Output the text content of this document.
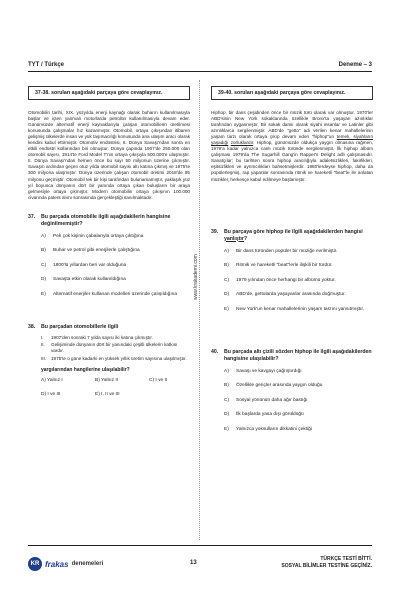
TYT / Türkçe	Deneme – 3
www.krakademi.com
37-38. soruları aşağıdaki parçaya göre cevaplayınız.

Otomobilin tarihi, XIX. yüzyılda enerji kaynağı olarak buharın kullanılmasıyla başlar ve içten yanmalı motorlarda petrolün kullanılmasıyla devam eder. Günümüzde alternatif enerji kaynaklarıyla çalışan otomobillerin üretilmesi konusunda çalışmalar hız kazanmıştır. Otomobil, ortaya çıkışından itibaren gelişmiş ülkelerde insan ve yük taşımacılığı konusunda ana ulaşım aracı olarak kendini kabul ettirmiştir. Otomotiv endüstrisi, II. Dünya Savaşı'ndan sonra en etkili endüstri kollarından biri olmuştur. Dünya çapında 1907'de 250.000 olan otomobil sayısı, 1914'te Ford Model T'nin ortaya çıkışıyla 500.000'e ulaşmıştır. II. Dünya Savaşı'ndan hemen önce bu sayı 50 milyonun üzerine çıkmıştır. Savaşın ardından geçen otuz yılda otomobil sayısı altı katına çıkmış ve 1975'te 300 milyona ulaşmıştır. Dünya üzerinde çalışan otomobil üretimi 2018'de 95 milyonu geçmiştir. Otomobil tek bir kişi tarafından bulunamamıştır, yaklaşık yüz yıl boyunca dünyanın dört bir yanında ortaya çıkan buluşların bir araya gelmesiyle ortaya çıkmıştır. Modern otomobilin ortaya çıkışının 100.000 civarında patent alımı sonrasında gerçekleştiği sanılmaktadır.

37.	Bu parçada otomobille ilgili aşağıdakilerin hangisine değinilmemiştir?
A)	Pek çok kişinin çabalarıyla ortaya çıktığına
B)	Buhar ve petrol gibi enerjilerle çalıştığına
C)	1800'lü yıllardan beri var olduğuna
D)	Savaşta etkin olarak kullanıldığına
E)	Alternatif enerjiler kullanan modelleri üzerinde çalışıldığına
38.	Bu parçadan otomobillerle ilgili
I.	1907'den sonraki 7 yılda sayısı iki katına çıkmıştır.
II.	Gelişiminde dünyanın dört bir yanındaki çeşitli ülkelerin katkısı vardır.
III.	1975'te o güne kadarki en yüksek yıllık üretim sayısına ulaşılmıştır.
yargılarından hangilerine ulaşılabilir?
A) Yalnız I	B) Yalnız II	C) I ve II
D) I ve III	E) I, II ve III
39-40. soruları aşağıdaki parçaya göre cevaplayınız.

Hiphop, bir dans çeşidinden önce bir müzik türü olarak var olmuştur. 1970'ler ABD'sinin New York sokaklarında özellikle Bronx'ta yaşayan azınlıklar tarafından oyganmıştır. Bir sokak dansı olarak siyahi insanlar ve Latinler gibi azınlıklarca sergilenmiştir. ABD'de "getto" adı verilen kenar mahallelerinin yaşam tarzı olarak ortaya çıkıp devam eden "hiphop"un temelı, siyahların yaşadığı zorluklardır. Hiphop, günümüzde oldukça yaygın olmasına rağmen, 1979'a kadar yalnızca canlı müzik türünde sergilenmiştir. İlk hiphop albüm çalışması 1979'da The Sugarhill Gang'in Rapper's Delight adlı çalışmasıdır. Sanatçılar; bu tarihten sonra hiphop aracılığıyla adaletsizlikleri, fakirlikleri, eşitsizlikleri ve ayrımcılıkları bahsetmişlerdir. 1980'lerdeyse hiphop, daha da popülerleşmiş, rap yapanlar sonrasında ritmik ve hareketli "beat"le ile anlatan müzikler, herkesçe kabul edilmeye başlamıştır.

39.	Bu parçaya göre hiphop ile ilgili aşağıdakilerden hangisi yanlıştır?
A)	Bir dans türünden popüler bir müziğe evrilmiştir.
B)	Ritmik ve hareketli "beat"lerle ilişkili bir türdür.
C)	1979 yılından önce herhangi bir albümü yoktur.
D)	ABD'de, gettolarda yaşayanlar arasında doğmuştur.
E)	New York'un kenar mahallelerinin yaşam tarzını yansıtmıştır.
40.	Bu parçada altı çizili sözden hiphop ile ilgili aşağıdakilerden hangisine ulaşılabilir?
A)	Savaşı ve kavgayı çağrıştırdığı
B)	Özellikle gençler arasında yaygın olduğu
C)	Sosyal yönünün daha ağır bastığı
D)	İlk başlarda yasa dışı görüldüğü
E)	Yalnızca yoksulların dikkatini çektiği
KR frakas denemeleri	13
TÜRKÇE TESTİ BİTTİ.
SOSYAL BİLİMLER TESTİNE GEÇİNİZ.
